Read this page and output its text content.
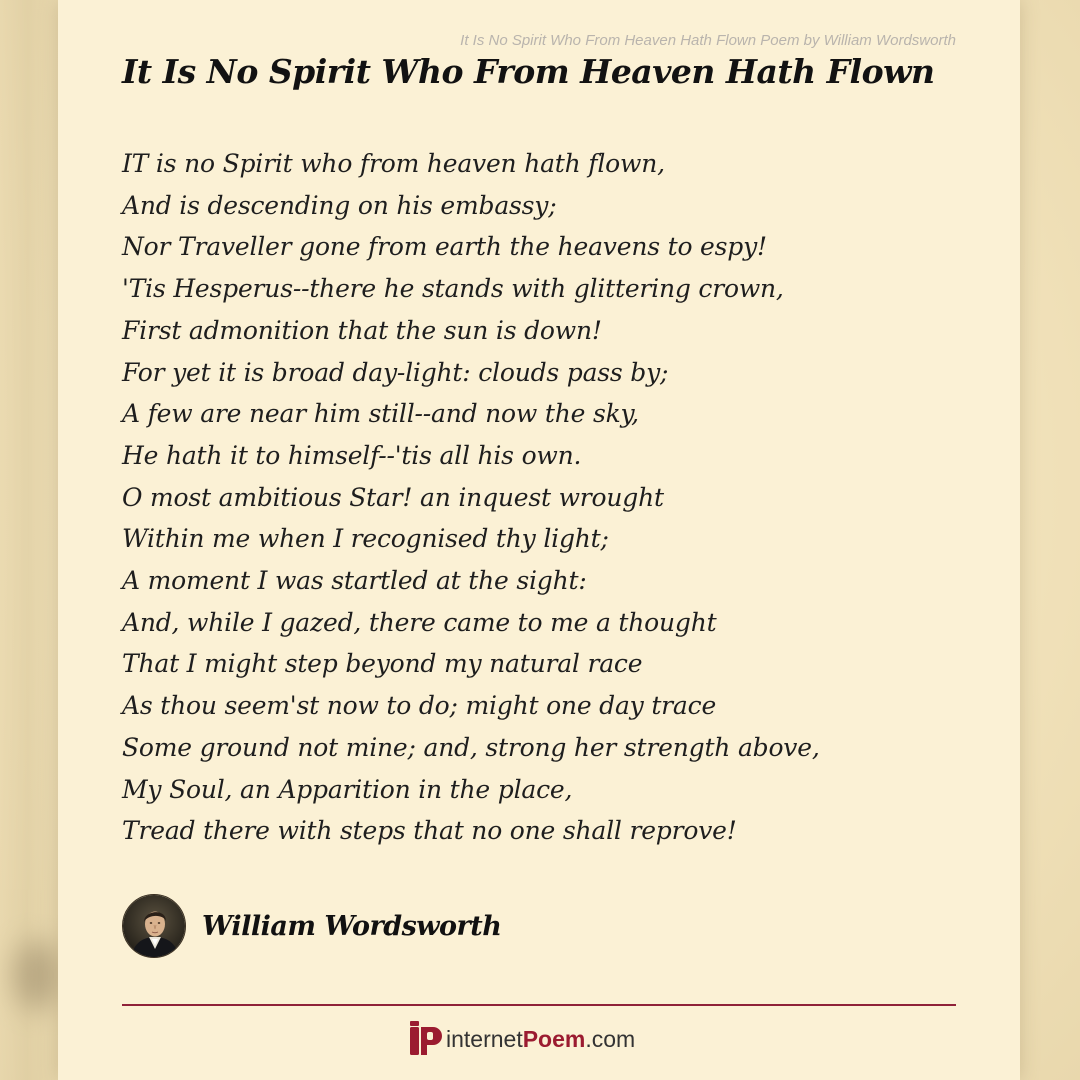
It Is No Spirit Who From Heaven Hath Flown Poem by William Wordsworth
It Is No Spirit Who From Heaven Hath Flown
IT is no Spirit who from heaven hath flown,
And is descending on his embassy;
Nor Traveller gone from earth the heavens to espy!
'Tis Hesperus--there he stands with glittering crown,
First admonition that the sun is down!
For yet it is broad day-light: clouds pass by;
A few are near him still--and now the sky,
He hath it to himself--'tis all his own.
O most ambitious Star! an inquest wrought
Within me when I recognised thy light;
A moment I was startled at the sight:
And, while I gazed, there came to me a thought
That I might step beyond my natural race
As thou seem'st now to do; might one day trace
Some ground not mine; and, strong her strength above,
My Soul, an Apparition in the place,
Tread there with steps that no one shall reprove!
William Wordsworth
internetPoem.com
